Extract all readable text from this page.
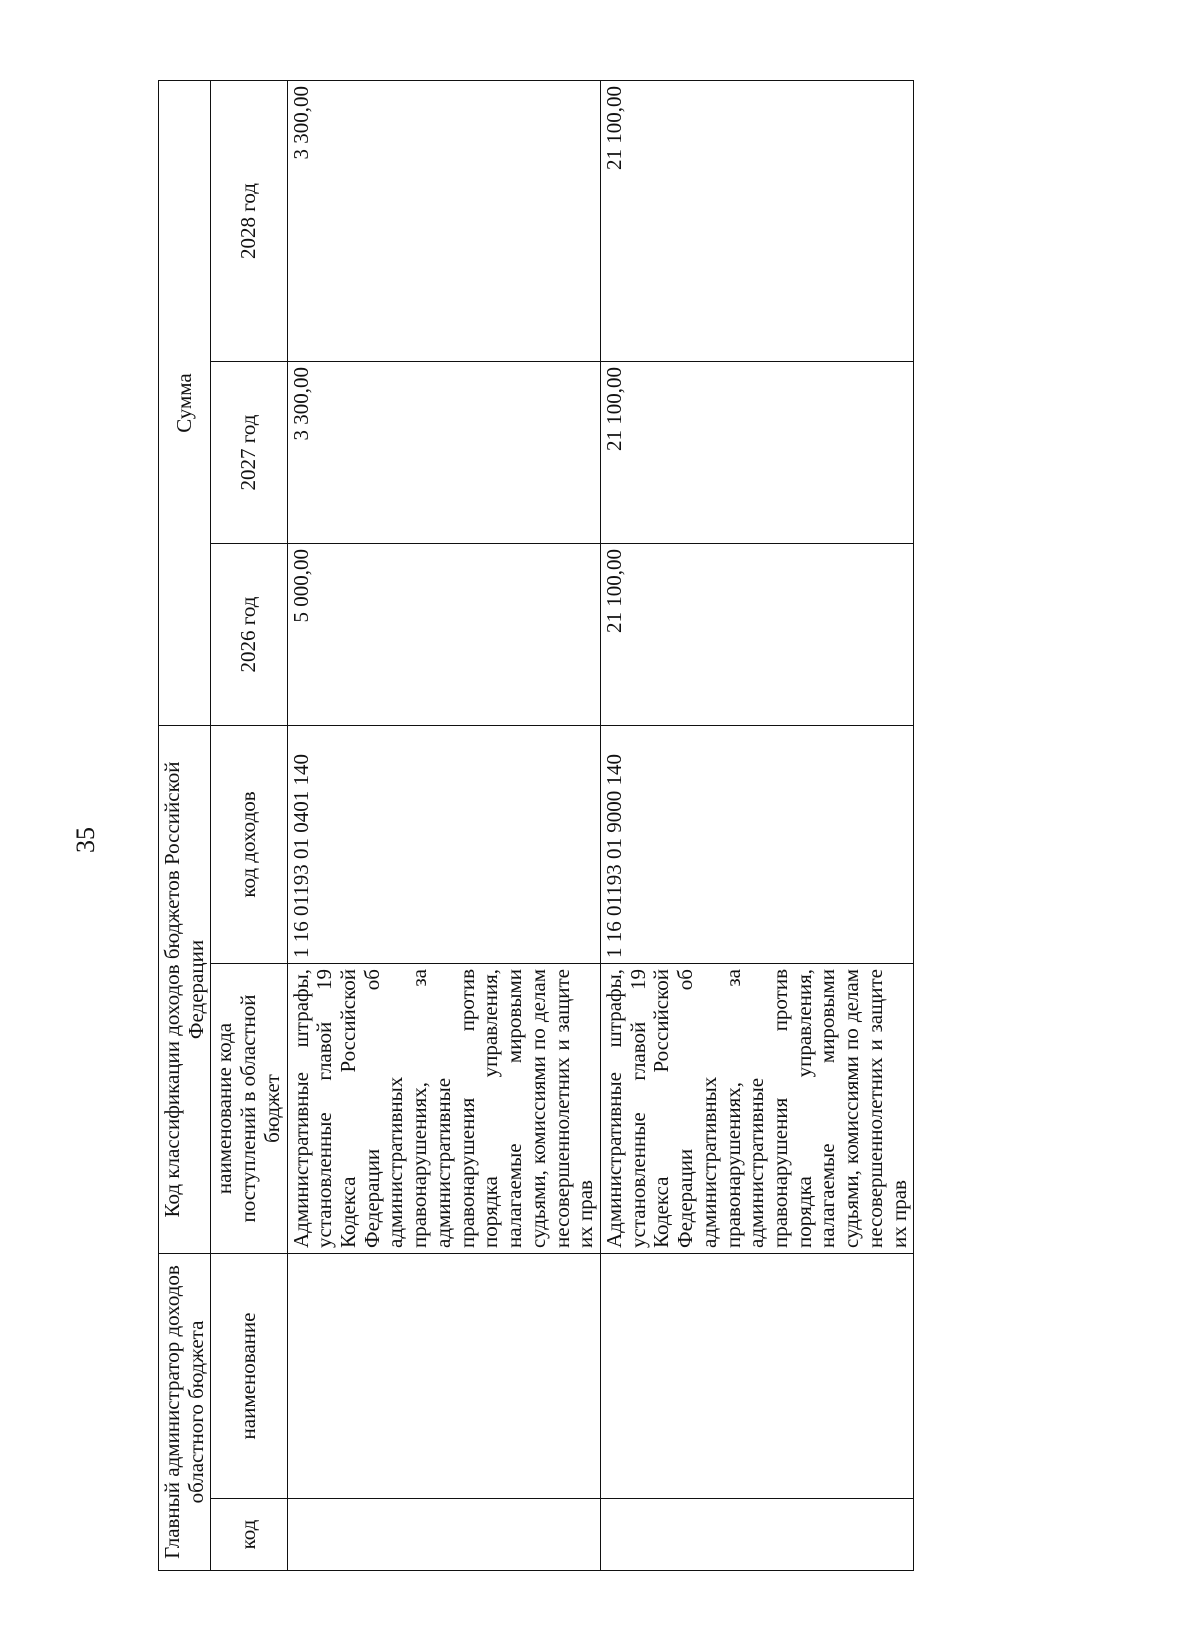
35
Главный администратор доходов областного бюджета		Код классификации доходов бюджетов Российской Федерации		Сумма		
код	наименование	наименование кода поступлений в областной бюджет	код доходов	2026 год	2027 год	2028 год
		Административные штрафы, установленные главой 19 Кодекса Российской Федерации об административных правонарушениях, за административные правонарушения против порядка управления, налагаемые мировыми судьями, комиссиями по делам несовершеннолетних и защите их прав	1 16 01193 01 0401 140	5 000,00	3 300,00	3 300,00
		Административные штрафы, установленные главой 19 Кодекса Российской Федерации об административных правонарушениях, за административные правонарушения против порядка управления, налагаемые мировыми судьями, комиссиями по делам несовершеннолетних и защите их прав	1 16 01193 01 9000 140	21 100,00	21 100,00	21 100,00
